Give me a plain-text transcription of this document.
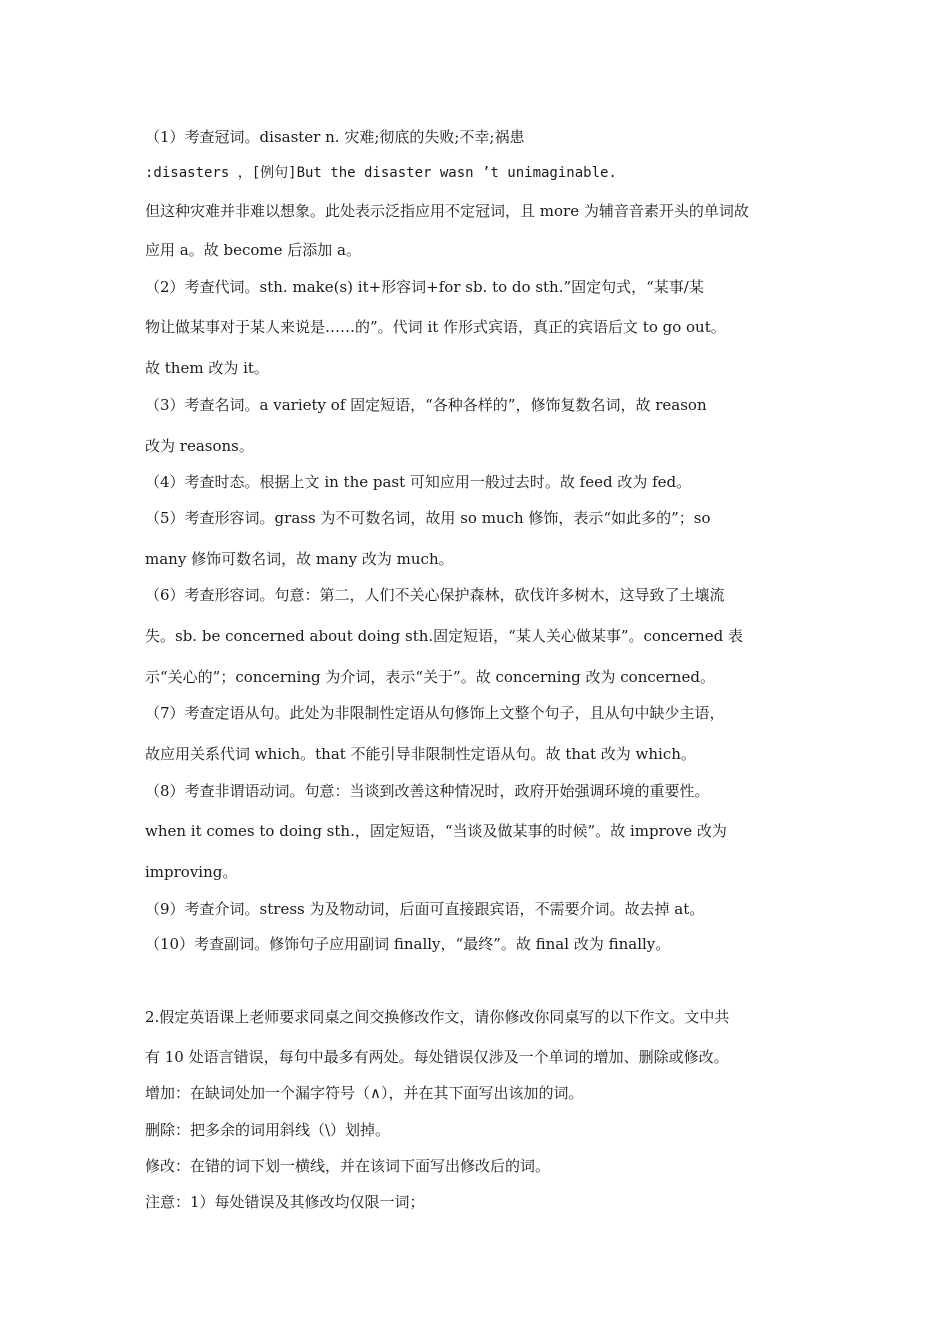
（1）考查冠词。disaster n. 灾难;彻底的失败;不幸;祸患
:disasters ，[例句]But the disaster wasn ’t unimaginable.
但这种灾难并非难以想象。此处表示泛指应用不定冠词，且 more 为辅音音素开头的单词故
应用 a。故 become 后添加 a。
（2）考查代词。sth. make(s) it+形容词+for sb. to do sth.”固定句式，“某事/某
物让做某事对于某人来说是……的”。代词 it 作形式宾语，真正的宾语后文 to go out。
故 them 改为 it。
（3）考查名词。a variety of 固定短语，“各种各样的”，修饰复数名词，故 reason
改为 reasons。
（4）考查时态。根据上文 in the past 可知应用一般过去时。故 feed 改为 fed。
（5）考查形容词。grass 为不可数名词，故用 so much 修饰，表示“如此多的”；so
many 修饰可数名词，故 many 改为 much。
（6）考查形容词。句意：第二，人们不关心保护森林，砍伐许多树木，这导致了土壤流
失。sb. be concerned about doing sth.固定短语，“某人关心做某事”。concerned 表
示“关心的”；concerning 为介词，表示“关于”。故 concerning 改为 concerned。
（7）考查定语从句。此处为非限制性定语从句修饰上文整个句子，且从句中缺少主语，
故应用关系代词 which。that 不能引导非限制性定语从句。故 that 改为 which。
（8）考查非谓语动词。句意：当谈到改善这种情况时，政府开始强调环境的重要性。
when it comes to doing sth.，固定短语，“当谈及做某事的时候”。故 improve 改为
improving。
（9）考查介词。stress 为及物动词，后面可直接跟宾语，不需要介词。故去掉 at。
（10）考查副词。修饰句子应用副词 finally，“最终”。故 final 改为 finally。
2.假定英语课上老师要求同桌之间交换修改作文，请你修改你同桌写的以下作文。文中共
有 10 处语言错误，每句中最多有两处。每处错误仅涉及一个单词的增加、删除或修改。
增加：在缺词处加一个漏字符号（∧），并在其下面写出该加的词。
删除：把多余的词用斜线（\）划掉。
修改：在错的词下划一横线，并在该词下面写出修改后的词。
注意：1）每处错误及其修改均仅限一词；
